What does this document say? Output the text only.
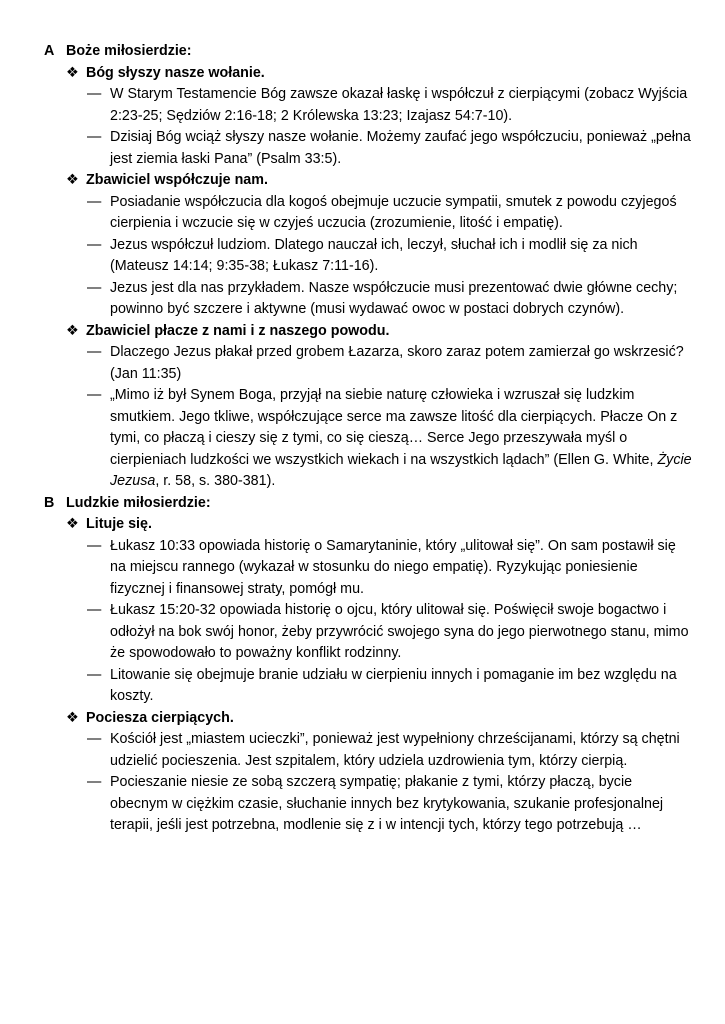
A Boże miłosierdzie:
❖ Bóg słyszy nasze wołanie.
— W Starym Testamencie Bóg zawsze okazał łaskę i współczuł z cierpiącymi (zobacz Wyjścia 2:23-25; Sędziów 2:16-18; 2 Królewska 13:23; Izajasz 54:7-10).
— Dzisiaj Bóg wciąż słyszy nasze wołanie. Możemy zaufać jego współczuciu, ponieważ „pełna jest ziemia łaski Pana” (Psalm 33:5).
❖ Zbawiciel współczuje nam.
— Posiadanie współczucia dla kogoś obejmuje uczucie sympatii, smutek z powodu czyjegoś cierpienia i wczucie się w czyjeś uczucia (zrozumienie, litość i empatię).
— Jezus współczuł ludziom. Dlatego nauczał ich, leczył, słuchał ich i modlił się za nich (Mateusz 14:14; 9:35-38; Łukasz 7:11-16).
— Jezus jest dla nas przykładem. Nasze współczucie musi prezentować dwie główne cechy; powinno być szczere i aktywne (musi wydawać owoc w postaci dobrych czynów).
❖ Zbawiciel płacze z nami i z naszego powodu.
— Dlaczego Jezus płakał przed grobem Łazarza, skoro zaraz potem zamierzał go wskrzesić? (Jan 11:35)
— „Mimo iż był Synem Boga, przyjął na siebie naturę człowieka i wzruszał się ludzkim smutkiem. Jego tkliwe, współczujące serce ma zawsze litość dla cierpiących. Płacze On z tymi, co płaczą i cieszy się z tymi, co się cieszą… Serce Jego przeszywała myśl o cierpieniach ludzkości we wszystkich wiekach i na wszystkich lądach” (Ellen G. White, Życie Jezusa, r. 58, s. 380-381).
B Ludzkie miłosierdzie:
❖ Lituje się.
— Łukasz 10:33 opowiada historię o Samarytaninie, który „ulitował się”. On sam postawił się na miejscu rannego (wykazał w stosunku do niego empatię). Ryzykując poniesienie fizycznej i finansowej straty, pomógł mu.
— Łukasz 15:20-32 opowiada historię o ojcu, który ulitował się. Poświęcił swoje bogactwo i odłożył na bok swój honor, żeby przywrócić swojego syna do jego pierwotnego stanu, mimo że spowodowało to poważny konflikt rodzinny.
— Litowanie się obejmuje branie udziału w cierpieniu innych i pomaganie im bez względu na koszty.
❖ Pociesza cierpiących.
— Kościół jest „miastem ucieczki”, ponieważ jest wypełniony chrześcijanami, którzy są chętni udzielić pocieszenia. Jest szpitalem, który udziela uzdrowienia tym, którzy cierpią.
— Pocieszanie niesie ze sobą szczerą sympatię; płakanie z tymi, którzy płaczą, bycie obecnym w ciężkim czasie, słuchanie innych bez krytykowania, szukanie profesjonalnej terapii, jeśli jest potrzebna, modlenie się z i w intencji tych, którzy tego potrzebują …
